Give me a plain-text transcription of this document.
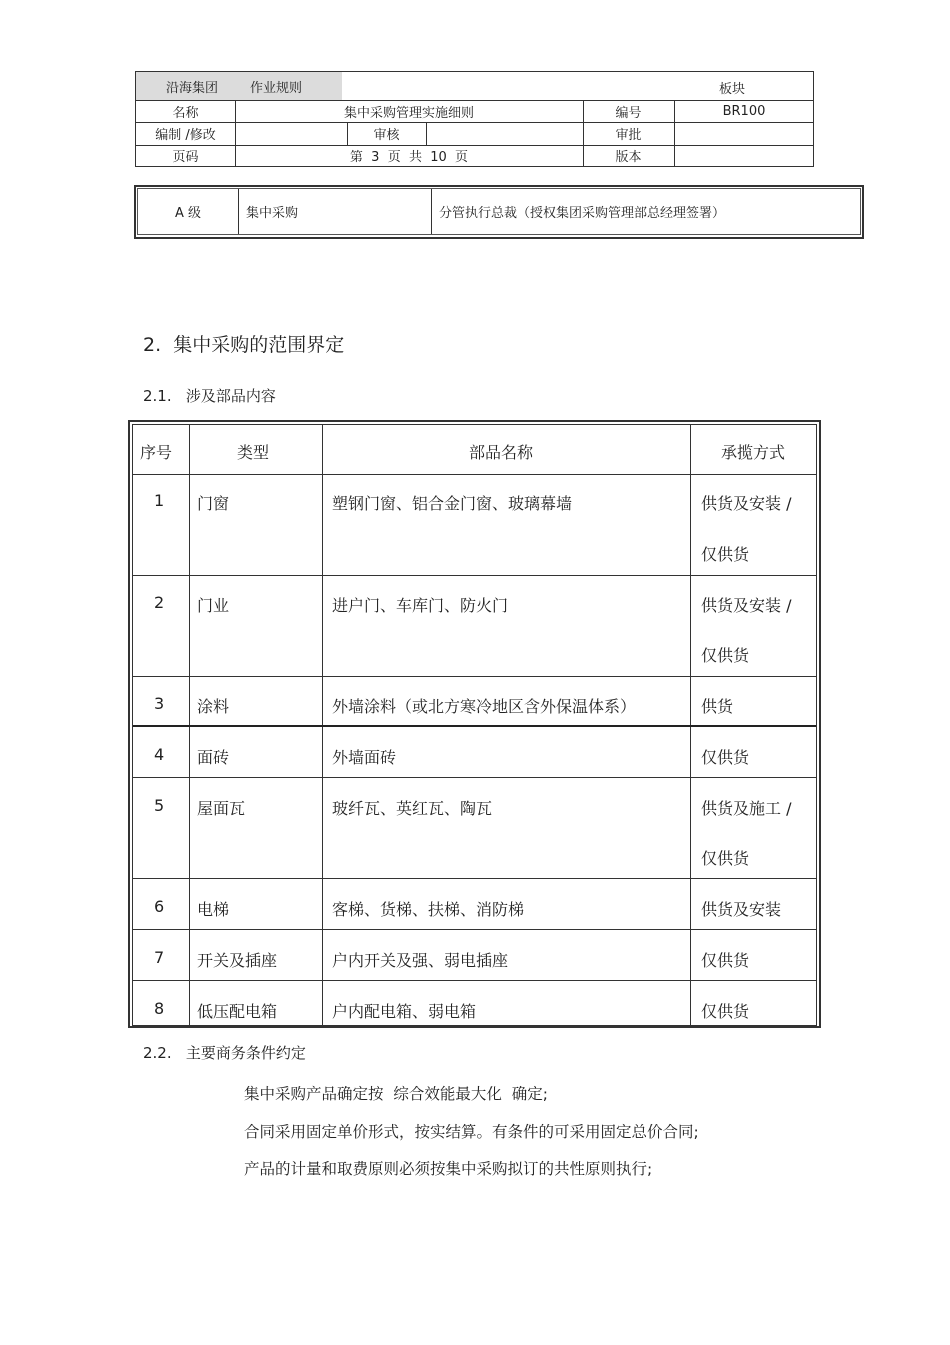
沿海集团 作业规则	板块
名称	集中采购管理实施细则	编号	BR100
编制 /修改	审核	审批
页码	第  3  页  共  10  页	版本
A 级	集中采购	分管执行总裁（授权集团采购管理部总经理签署）
2.  集中采购的范围界定
2.1.   涉及部品内容
序号	类型	部品名称	承揽方式
1 门窗	塑钢门窗、铝合金门窗、玻璃幕墙	供货及安装 /
仅供货
2 门业	进户门、车库门、防火门	供货及安装 /
仅供货
3 涂料	外墙涂料（或北方寒冷地区含外保温体系）	供货
4 面砖	外墙面砖	仅供货
5 屋面瓦	玻纤瓦、英红瓦、陶瓦	供货及施工 /
仅供货
6 电梯	客梯、货梯、扶梯、消防梯	供货及安装
7 开关及插座	户内开关及强、弱电插座	仅供货
8 低压配电箱	户内配电箱、弱电箱	仅供货
2.2.   主要商务条件约定
集中采购产品确定按  综合效能最大化  确定;
合同采用固定单价形式，按实结算。有条件的可采用固定总价合同;
产品的计量和取费原则必须按集中采购拟订的共性原则执行;
